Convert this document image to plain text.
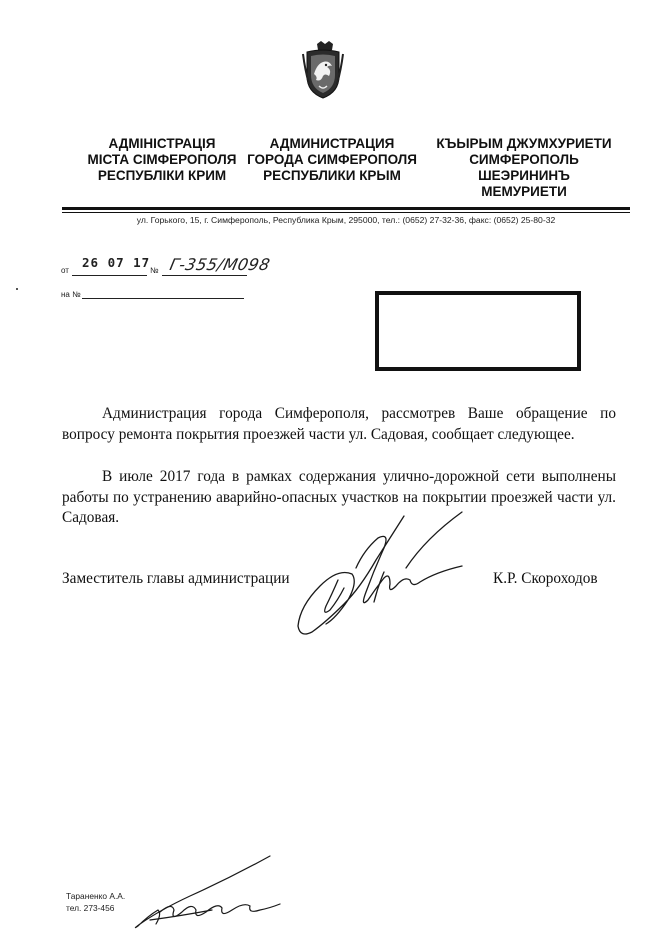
АДМІНІСТРАЦІЯ
МІСТА СІМФЕРОПОЛЯ
РЕСПУБЛІКИ КРИМ
АДМИНИСТРАЦИЯ
ГОРОДА СИМФЕРОПОЛЯ
РЕСПУБЛИКИ КРЫМ
КЪЫРЫМ ДЖУМХУРИЕТИ
СИМФЕРОПОЛЬ
ШЕЭРИНИНЪ
МЕМУРИЕТИ
ул. Горького, 15, г. Симферополь, Республика Крым, 295000, тел.: (0652) 27-32-36, факс: (0652) 25-80-32
от
26 07 17
№ Г-355/М098
на №

Администрация города Симферополя, рассмотрев Ваше обращение по вопросу ремонта покрытия проезжей части ул. Садовая, сообщает следующее.

В июле 2017 года в рамках содержания улично-дорожной сети выполнены работы по устранению аварийно-опасных участков на покрытии проезжей части ул. Садовая.

Заместитель главы администрации	К.Р. Скороходов
Тараненко А.А.
тел. 273-456
